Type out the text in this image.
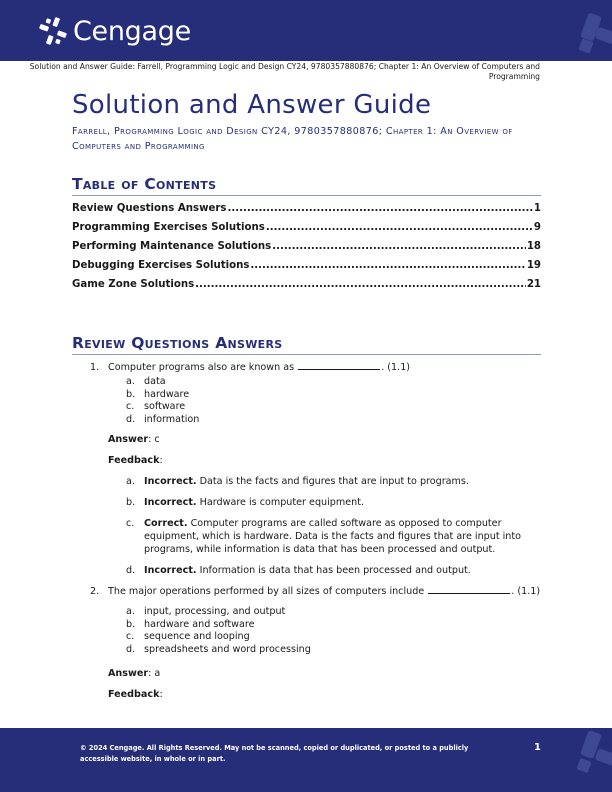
Cengage
Solution and Answer Guide: Farrell, Programming Logic and Design CY24, 9780357880876; Chapter 1: An Overview of Computers and Programming
Solution and Answer Guide
Farrell, Programming Logic and Design CY24, 9780357880876; Chapter 1: An Overview of Computers and Programming
Table of Contents
Review Questions Answers .....	1
Programming Exercises Solutions .....	9
Performing Maintenance Solutions .....	18
Debugging Exercises Solutions .....	19
Game Zone Solutions .....	21
Review Questions Answers
1. Computer programs also are known as	. (1.1)
a. data
b. hardware
c. software
d. information
Answer: c
Feedback:
a. Incorrect. Data is the facts and figures that are input to programs.
b. Incorrect. Hardware is computer equipment.
c. Correct. Computer programs are called software as opposed to computer equipment, which is hardware. Data is the facts and figures that are input into programs, while information is data that has been processed and output.
d. Incorrect. Information is data that has been processed and output.
2. The major operations performed by all sizes of computers include	. (1.1)
a. input, processing, and output
b. hardware and software
c. sequence and looping
d. spreadsheets and word processing
Answer: a
Feedback:
© 2024 Cengage. All Rights Reserved. May not be scanned, copied or duplicated, or posted to a publicly accessible website, in whole or in part.
1
